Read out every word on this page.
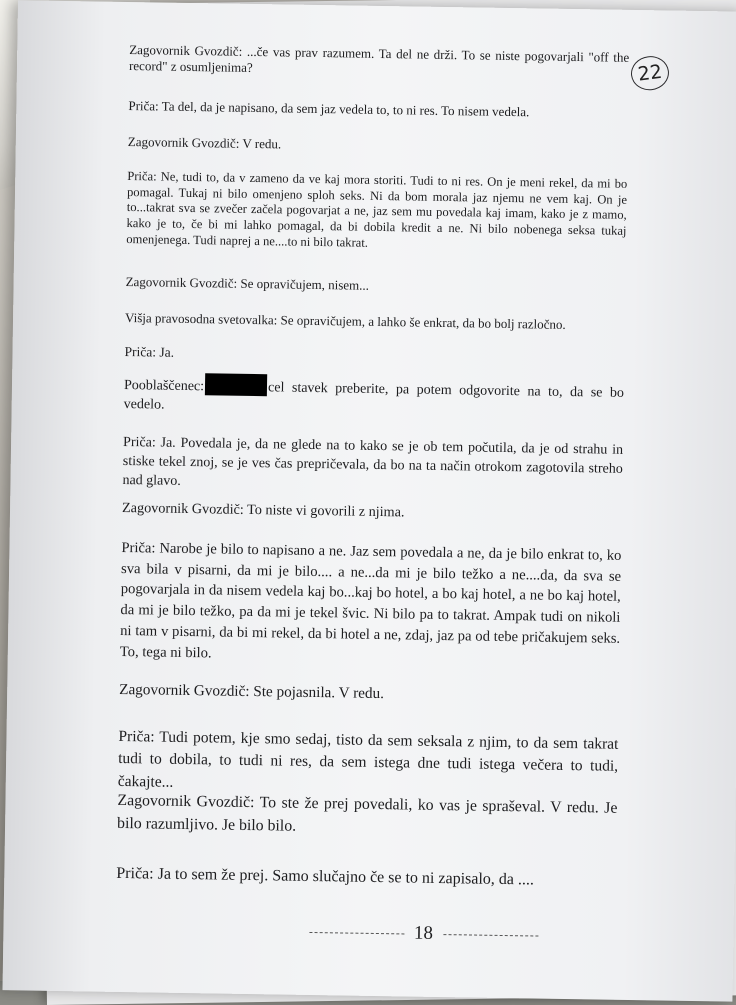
22

Zagovornik Gvozdič: ...če vas prav razumem. Ta del ne drži. To se niste pogovarjali "off the record" z osumljenima?

Priča: Ta del, da je napisano, da sem jaz vedela to, to ni res. To nisem vedela.

Zagovornik Gvozdič: V redu.

Priča: Ne, tudi to, da v zameno da ve kaj mora storiti. Tudi to ni res. On je meni rekel, da mi bo pomagal. Tukaj ni bilo omenjeno sploh seks. Ni da bom morala jaz njemu ne vem kaj. On je to...takrat sva se zvečer začela pogovarjat a ne, jaz sem mu povedala kaj imam, kako je z mamo, kako je to, če bi mi lahko pomagal, da bi dobila kredit a ne. Ni bilo nobenega seksa tukaj omenjenega. Tudi naprej a ne....to ni bilo takrat.

Zagovornik Gvozdič: Se opravičujem, nisem...

Višja pravosodna svetovalka: Se opravičujem, a lahko še enkrat, da bo bolj razločno.

Priča: Ja.

Pooblaščenec:	cel stavek preberite, pa potem odgovorite na to, da se bo vedelo.

Priča: Ja. Povedala je, da ne glede na to kako se je ob tem počutila, da je od strahu in stiske tekel znoj, se je ves čas prepričevala, da bo na ta način otrokom zagotovila streho nad glavo.

Zagovornik Gvozdič: To niste vi govorili z njima.

Priča: Narobe je bilo to napisano a ne. Jaz sem povedala a ne, da je bilo enkrat to, ko sva bila v pisarni, da mi je bilo.... a ne...da mi je bilo težko a ne....da, da sva se pogovarjala in da nisem vedela kaj bo...kaj bo hotel, a bo kaj hotel, a ne bo kaj hotel, da mi je bilo težko, pa da mi je tekel švic. Ni bilo pa to takrat. Ampak tudi on nikoli ni tam v pisarni, da bi mi rekel, da bi hotel a ne, zdaj, jaz pa od tebe pričakujem seks. To, tega ni bilo.

Zagovornik Gvozdič: Ste pojasnila. V redu.

Priča: Tudi potem, kje smo sedaj, tisto da sem seksala z njim, to da sem takrat tudi to dobila, to tudi ni res, da sem istega dne tudi istega večera to tudi, čakajte...

Zagovornik Gvozdič: To ste že prej povedali, ko vas je spraševal. V redu. Je bilo razumljivo. Je bilo bilo.

Priča: Ja to sem že prej. Samo slučajno če se to ni zapisalo, da ....

18
